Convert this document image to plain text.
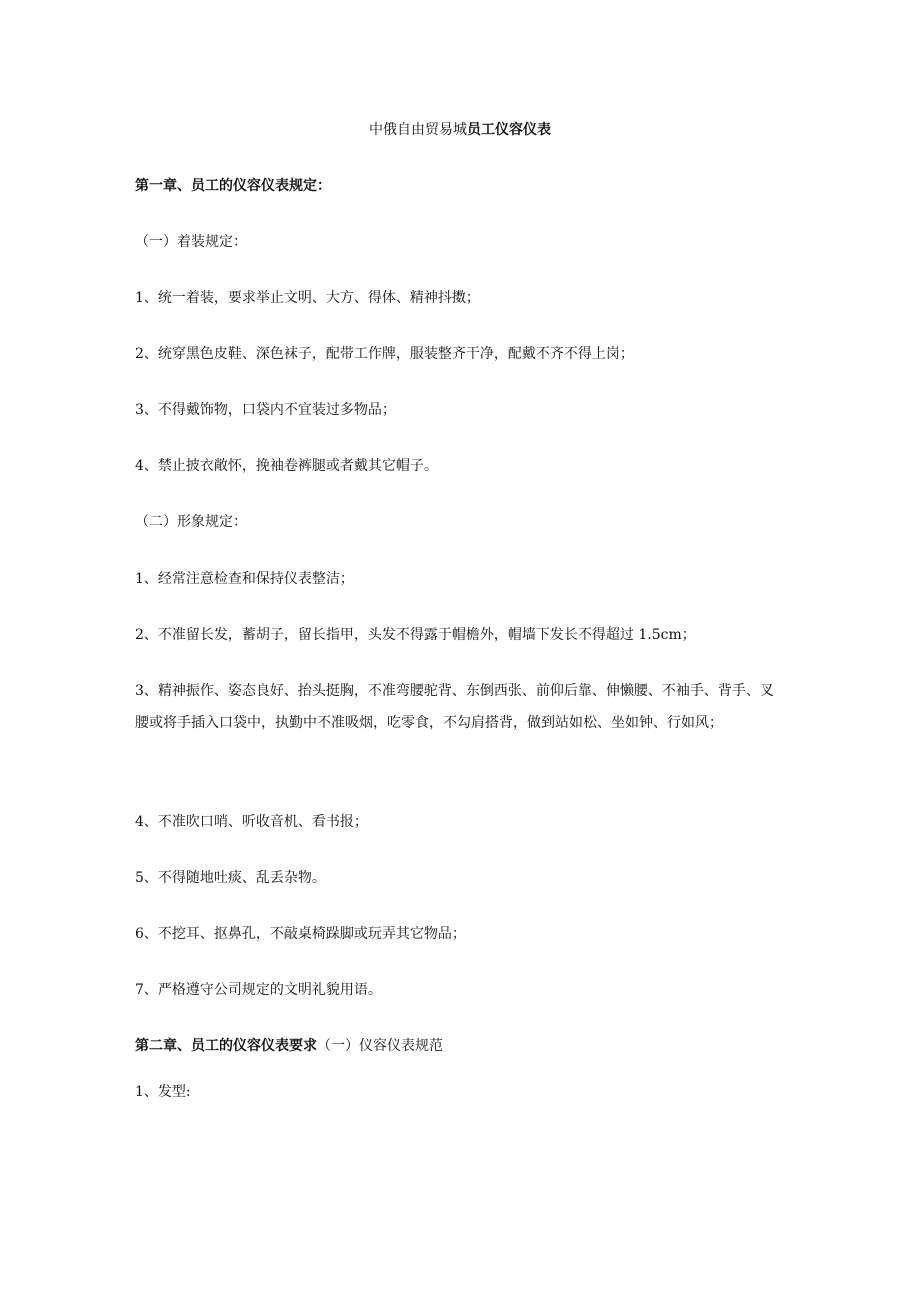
中俄自由贸易城员工仪容仪表
第一章、员工的仪容仪表规定：
（一）着装规定：
1、统一着装，要求举止文明、大方、得体、精神抖擞；
2、统穿黑色皮鞋、深色袜子，配带工作牌，服装整齐干净，配戴不齐不得上岗；
3、不得戴饰物，口袋内不宜装过多物品；
4、禁止披衣敞怀，挽袖卷裤腿或者戴其它帽子。
（二）形象规定：
1、经常注意检查和保持仪表整洁；
2、不准留长发，蓄胡子，留长指甲，头发不得露于帽檐外，帽墙下发长不得超过 1.5cm；
3、精神振作、姿态良好、抬头挺胸，不准弯腰驼背、东倒西张、前仰后靠、伸懒腰、不袖手、背手、叉腰或将手插入口袋中，执勤中不准吸烟，吃零食，不勾肩搭背，做到站如松、坐如钟、行如风；
4、不准吹口哨、听收音机、看书报；
5、不得随地吐痰、乱丢杂物。
6、不挖耳、抠鼻孔，不敲桌椅跺脚或玩弄其它物品；
7、严格遵守公司规定的文明礼貌用语。
第二章、员工的仪容仪表要求（一）仪容仪表规范
1、发型:
